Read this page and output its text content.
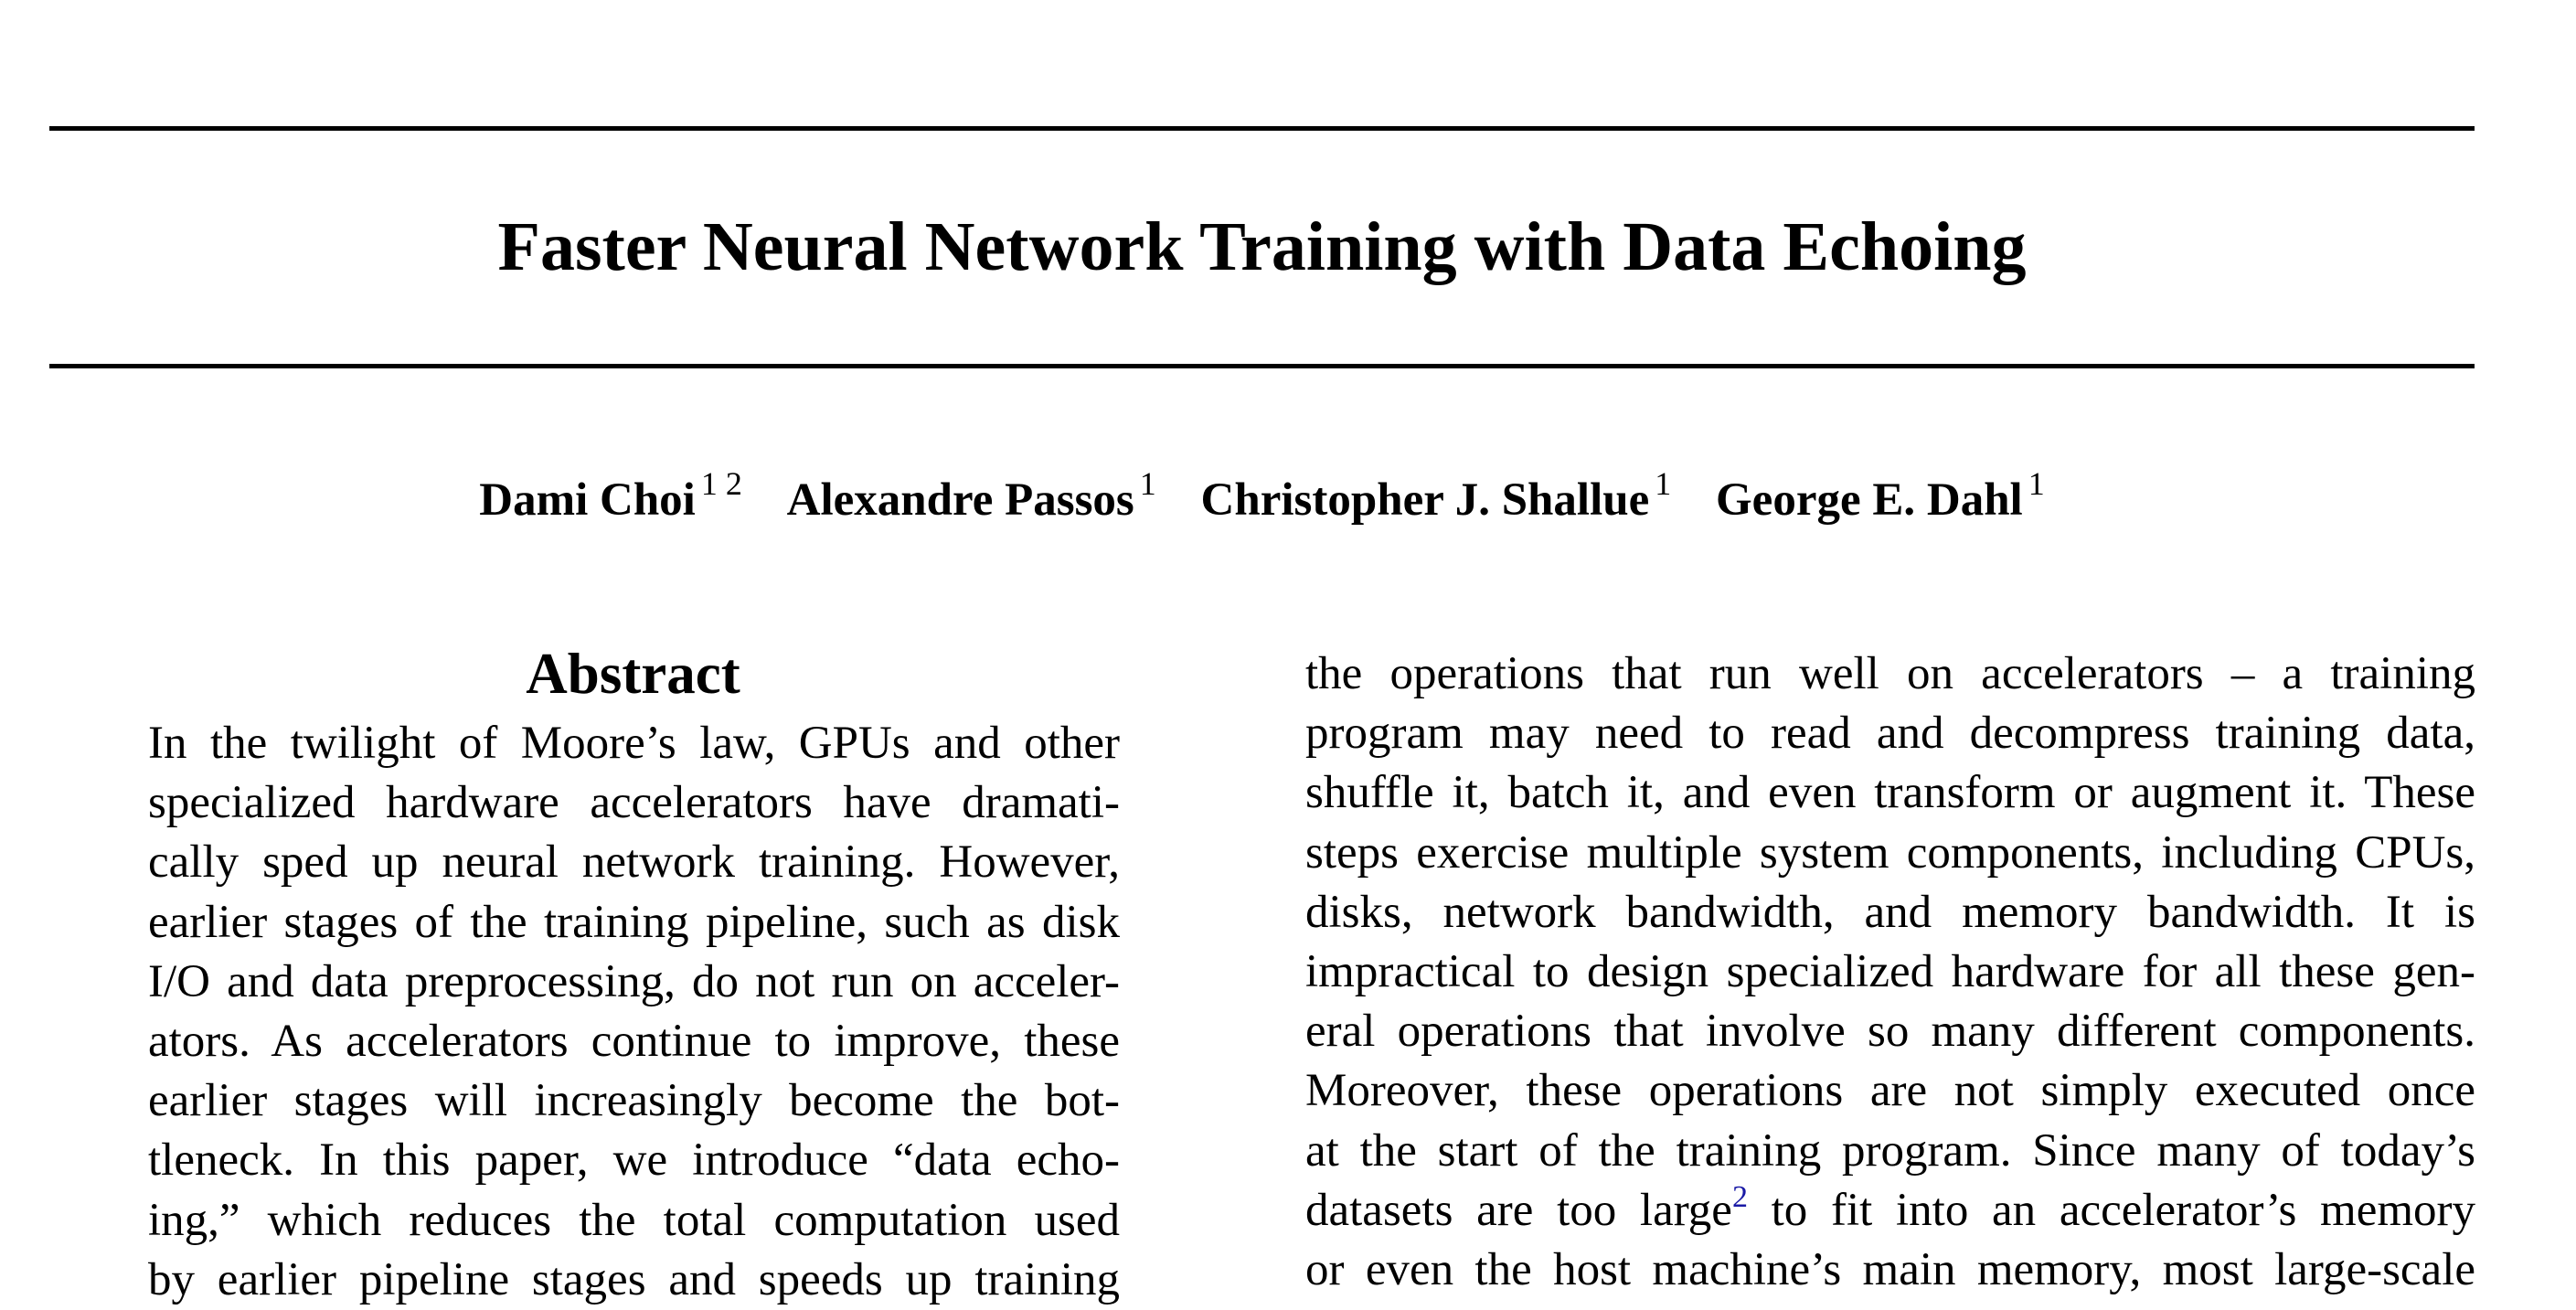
Faster Neural Network Training with Data Echoing
Dami Choi $^{1 2}$ Alexandre Passos $^1$ Christopher J. Shallue $^1$ George E. Dahl $^1$
Abstract
In the twilight of Moore’s law, GPUs and other
specialized hardware accelerators have dramati-
cally sped up neural network training. However,
earlier stages of the training pipeline, such as disk
I/O and data preprocessing, do not run on acceler-
ators. As accelerators continue to improve, these
earlier stages will increasingly become the bot-
tleneck. In this paper, we introduce “data echo-
ing,” which reduces the total computation used
by earlier pipeline stages and speeds up training
the operations that run well on accelerators – a training
program may need to read and decompress training data,
shuffle it, batch it, and even transform or augment it. These
steps exercise multiple system components, including CPUs,
disks, network bandwidth, and memory bandwidth. It is
impractical to design specialized hardware for all these gen-
eral operations that involve so many different components.
Moreover, these operations are not simply executed once
at the start of the training program. Since many of today’s
datasets are too large$^2$ to fit into an accelerator’s memory
or even the host machine’s main memory, most large-scale
